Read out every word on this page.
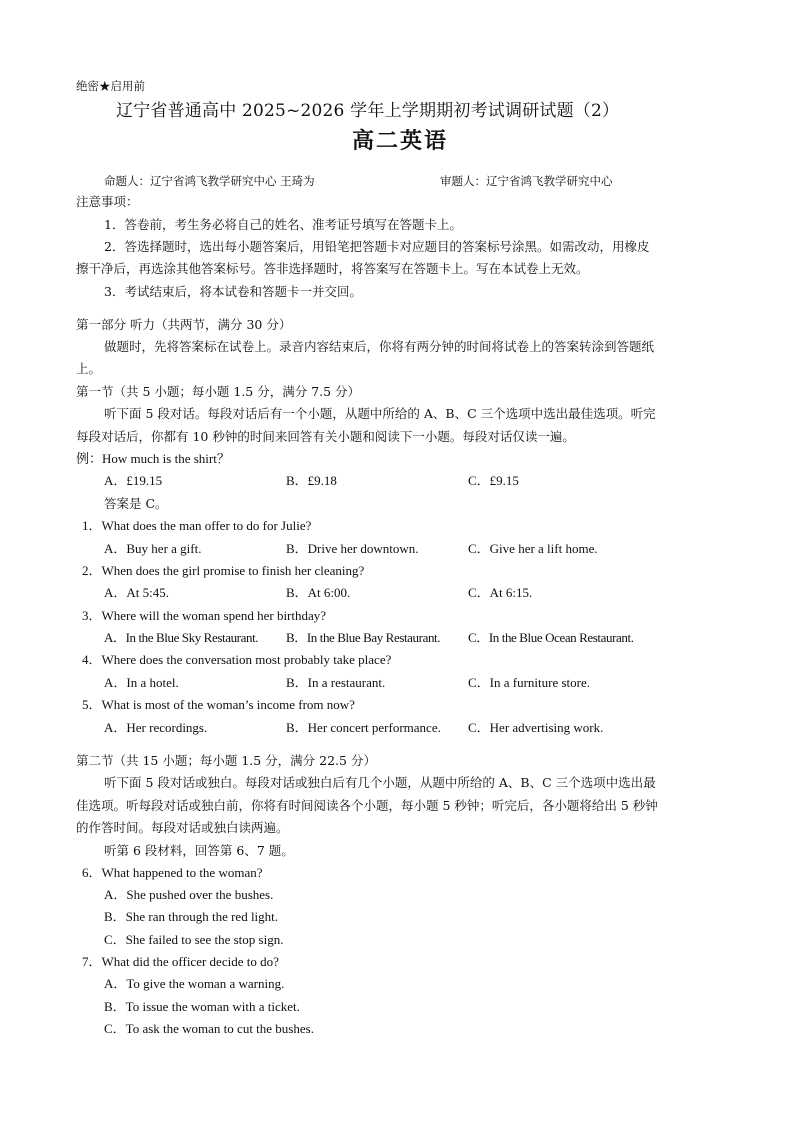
绝密★启用前
辽宁省普通高中 2025~2026 学年上学期期初考试调研试题（2）
高二英语
命题人：辽宁省鸿飞教学研究中心 王琦为	审题人：辽宁省鸿飞教学研究中心
注意事项：
1．答卷前，考生务必将自己的姓名、准考证号填写在答题卡上。
2．答选择题时，选出每小题答案后，用铅笔把答题卡对应题目的答案标号涂黑。如需改动，用橡皮
擦干净后，再选涂其他答案标号。答非选择题时，将答案写在答题卡上。写在本试卷上无效。
3．考试结束后，将本试卷和答题卡一并交回。
第一部分 听力（共两节，满分 30 分）
做题时，先将答案标在试卷上。录音内容结束后，你将有两分钟的时间将试卷上的答案转涂到答题纸
上。
第一节（共 5 小题；每小题 1.5 分，满分 7.5 分）
听下面 5 段对话。每段对话后有一个小题，从题中所给的 A、B、C 三个选项中选出最佳选项。听完
每段对话后，你都有 10 秒钟的时间来回答有关小题和阅读下一小题。每段对话仅读一遍。
例：How much is the shirt？
A．£19.15	B．£9.18	C．£9.15
答案是 C。
1．What does the man offer to do for Julie?
A．Buy her a gift.	B．Drive her downtown.	C．Give her a lift home.
2．When does the girl promise to finish her cleaning?
A．At 5:45.	B．At 6:00.	C．At 6:15.
3．Where will the woman spend her birthday?
A．In the Blue Sky Restaurant. B．In the Blue Bay Restaurant. C．In the Blue Ocean Restaurant.
4．Where does the conversation most probably take place?
A．In a hotel.	B．In a restaurant.	C．In a furniture store.
5．What is most of the woman’s income from now?
A．Her recordings.	B．Her concert performance. C．Her advertising work.
第二节（共 15 小题；每小题 1.5 分，满分 22.5 分）
听下面 5 段对话或独白。每段对话或独白后有几个小题，从题中所给的 A、B、C 三个选项中选出最
佳选项。听每段对话或独白前，你将有时间阅读各个小题，每小题 5 秒钟；听完后，各小题将给出 5 秒钟
的作答时间。每段对话或独白读两遍。
听第 6 段材料，回答第 6、7 题。
6．What happened to the woman?
A．She pushed over the bushes.
B．She ran through the red light.
C．She failed to see the stop sign.
7．What did the officer decide to do?
A．To give the woman a warning.
B．To issue the woman with a ticket.
C．To ask the woman to cut the bushes.
